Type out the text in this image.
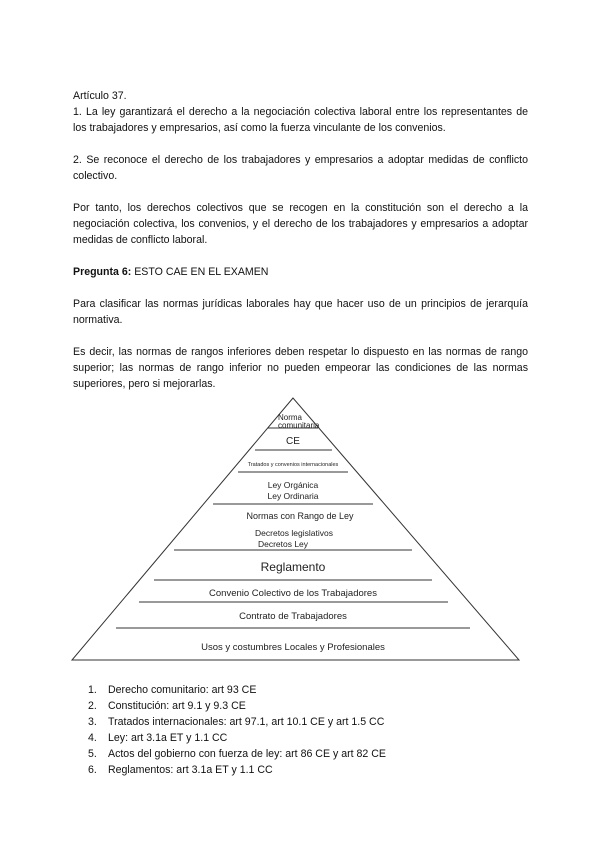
Artículo 37.

1. La ley garantizará el derecho a la negociación colectiva laboral entre los representantes de los trabajadores y empresarios, así como la fuerza vinculante de los convenios.

2. Se reconoce el derecho de los trabajadores y empresarios a adoptar medidas de conflicto colectivo.

Por tanto, los derechos colectivos que se recogen en la constitución son el derecho a la negociación colectiva, los convenios, y el derecho de los trabajadores y empresarios a adoptar medidas de conflicto laboral.

Pregunta 6: ESTO CAE EN EL EXAMEN

Para clasificar las normas jurídicas laborales hay que hacer uso de un principios de jerarquía normativa.

Es decir, las normas de rangos inferiores deben respetar lo dispuesto en las normas de rango superior; las normas de rango inferior no pueden empeorar las condiciones de las normas superiores, pero si mejorarlas.

Norma
comunitaria
CE
Tratados y convenios internacionales
Ley Orgánica
Ley Ordinaria
Normas con Rango de Ley
Decretos legislativos
Decretos Ley
Reglamento
Convenio Colectivo de los Trabajadores
Contrato de Trabajadores
Usos y costumbres Locales y Profesionales
1.	Derecho comunitario: art 93 CE
2.	Constitución: art 9.1 y 9.3 CE
3.	Tratados internacionales: art 97.1, art 10.1 CE y art 1.5 CC
4.	Ley: art 3.1a ET y 1.1 CC
5.	Actos del gobierno con fuerza de ley: art 86 CE y art 82 CE
6.	Reglamentos: art 3.1a ET y 1.1 CC
